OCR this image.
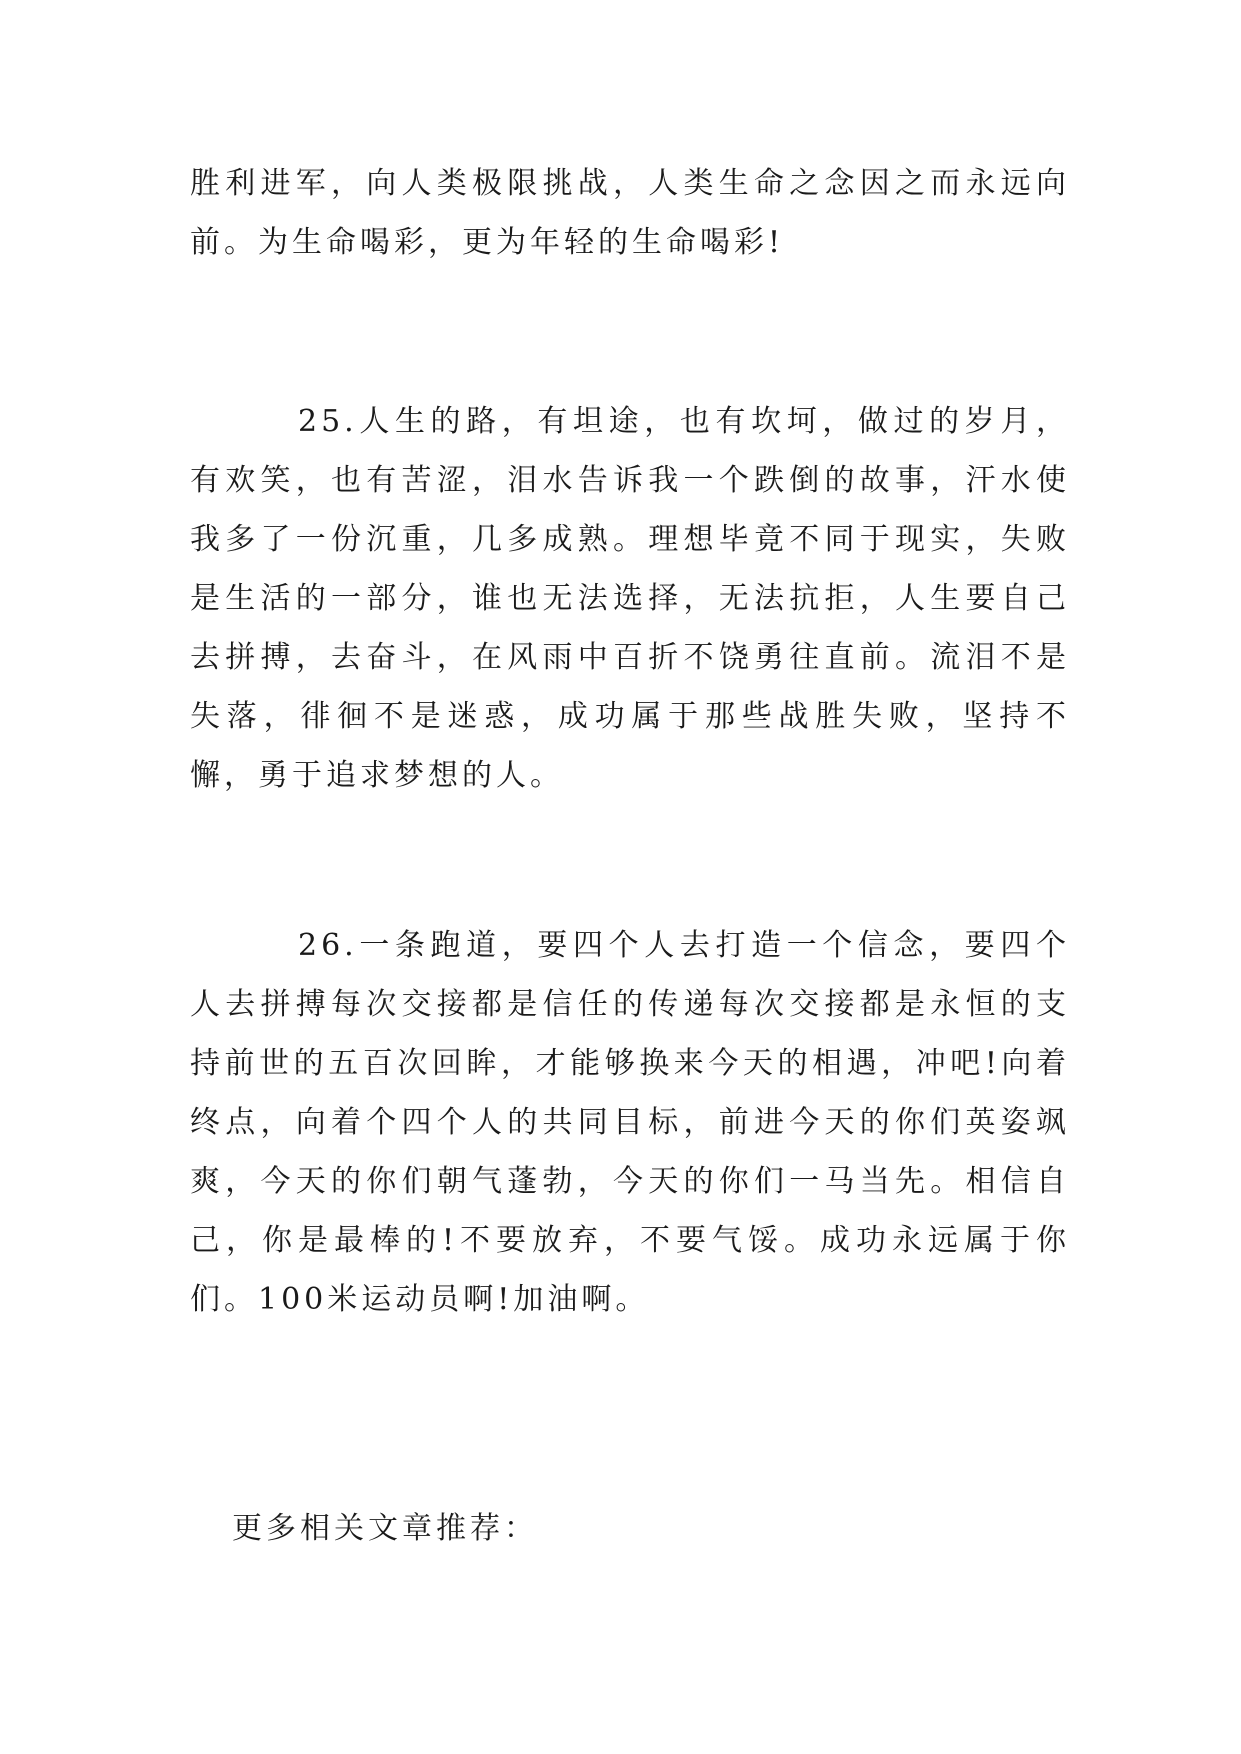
胜利进军，向人类极限挑战，人类生命之念因之而永远向前。为生命喝彩，更为年轻的生命喝彩!

25.人生的路，有坦途，也有坎坷，做过的岁月，有欢笑，也有苦涩，泪水告诉我一个跌倒的故事，汗水使我多了一份沉重，几多成熟。理想毕竟不同于现实，失败是生活的一部分，谁也无法选择，无法抗拒，人生要自己去拼搏，去奋斗，在风雨中百折不饶勇往直前。流泪不是失落，徘徊不是迷惑，成功属于那些战胜失败，坚持不懈，勇于追求梦想的人。

26.一条跑道，要四个人去打造一个信念，要四个人去拼搏每次交接都是信任的传递每次交接都是永恒的支持前世的五百次回眸，才能够换来今天的相遇，冲吧!向着终点，向着个四个人的共同目标，前进今天的你们英姿飒爽，今天的你们朝气蓬勃，今天的你们一马当先。相信自己，你是最棒的!不要放弃，不要气馁。成功永远属于你们。100米运动员啊!加油啊。

更多相关文章推荐：
